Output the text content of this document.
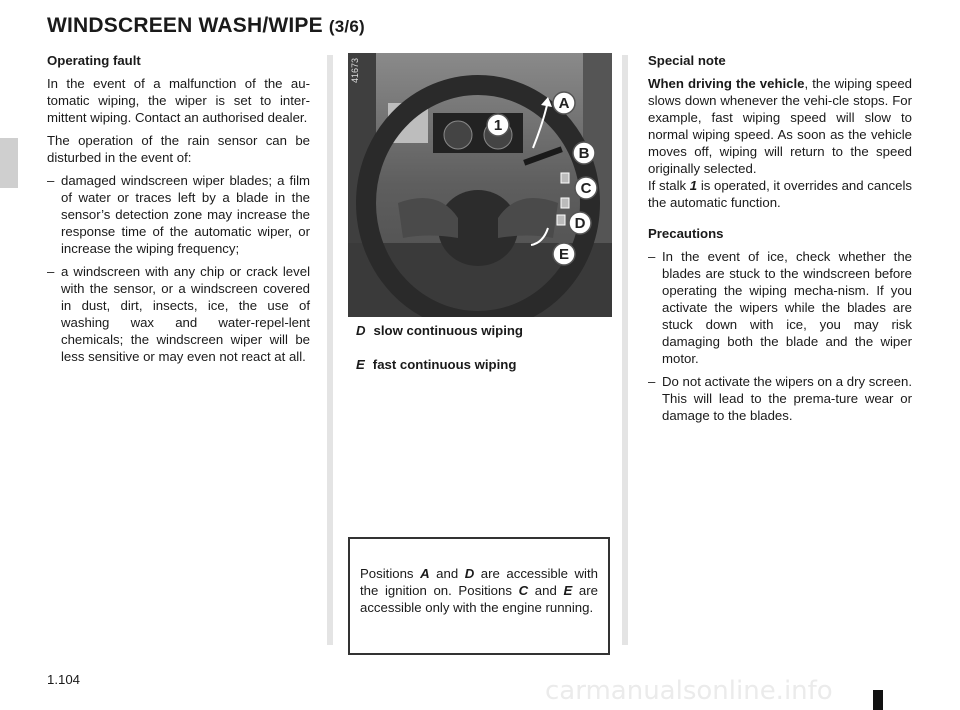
WINDSCREEN WASH/WIPE (3/6)
Operating fault

In the event of a malfunction of the au-tomatic wiping, the wiper is set to inter-mittent wiping. Contact an authorised dealer.

The operation of the rain sensor can be disturbed in the event of:

– damaged windscreen wiper blades; a film of water or traces left by a blade in the sensor’s detection zone may increase the response time of the automatic wiper, or increase the wiping frequency;
– a windscreen with any chip or crack level with the sensor, or a windscreen covered in dust, dirt, insects, ice, the use of washing wax and water-repel-lent chemicals; the windscreen wiper will be less sensitive or may even not react at all.
41673
1
A
B
C
D
E
D slow continuous wiping
E fast continuous wiping
Positions A and D are accessible with the ignition on. Positions C and E are accessible only with the engine running.
Special note

When driving the vehicle, the wiping speed slows down whenever the vehi-cle stops. For example, fast wiping speed will slow to normal wiping speed. As soon as the vehicle moves off, wiping will return to the speed originally selected.
If stalk 1 is operated, it overrides and cancels the automatic function.

Precautions
– In the event of ice, check whether the blades are stuck to the windscreen before operating the wiping mecha-nism. If you activate the wipers while the blades are stuck down with ice, you may risk damaging both the blade and the wiper motor.
– Do not activate the wipers on a dry screen. This will lead to the prema-ture wear or damage to the blades.
1.104	carmanualsonline.info
